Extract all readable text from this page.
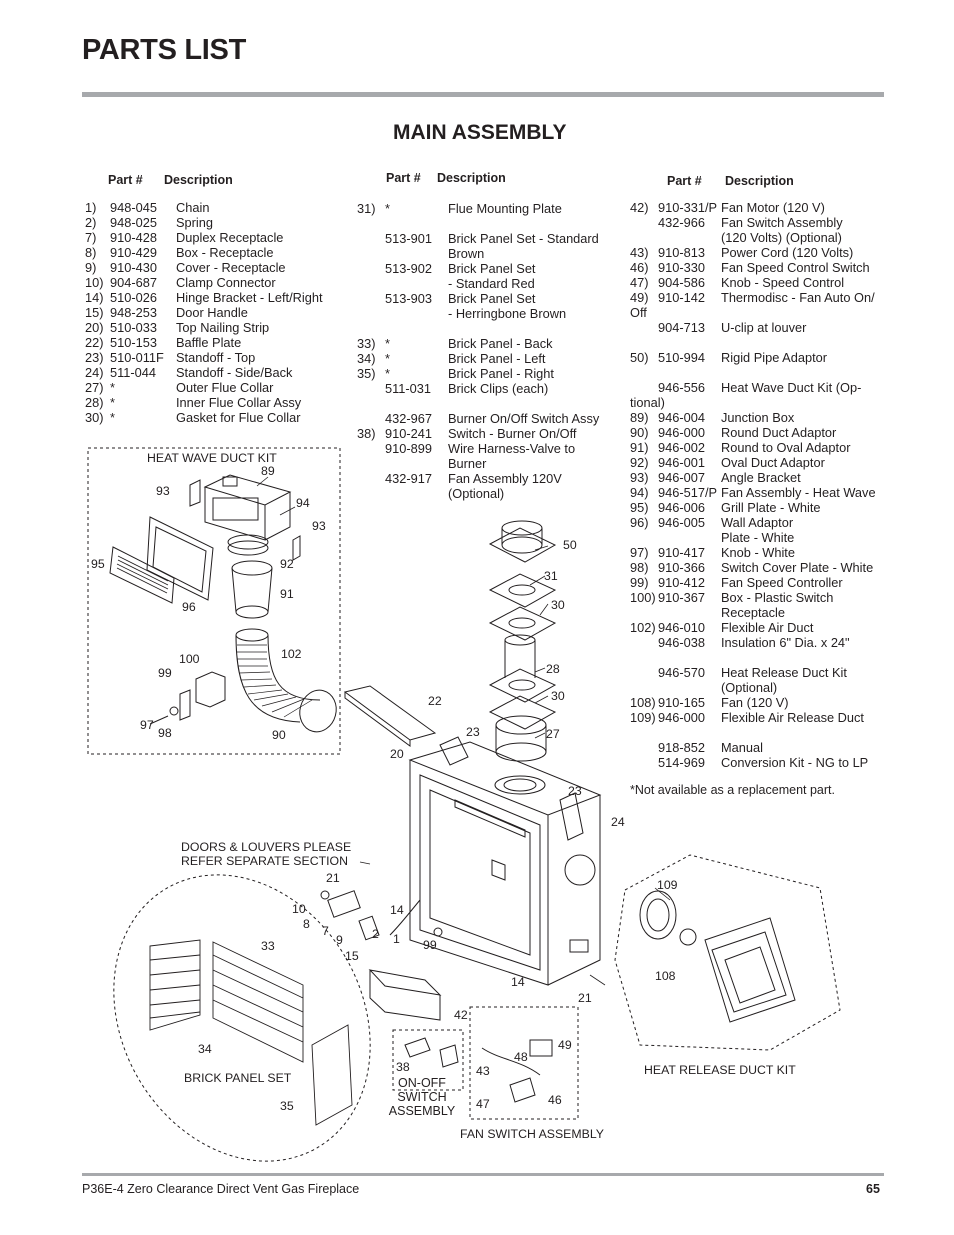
PARTS LIST
MAIN ASSEMBLY
Part # Description
1) 948-045 Chain
2) 948-025 Spring
7) 910-428 Duplex Receptacle
8) 910-429 Box - Receptacle
9) 910-430 Cover - Receptacle
10) 904-687 Clamp Connector
14) 510-026 Hinge Bracket - Left/Right
15) 948-253 Door Handle
20) 510-033 Top Nailing Strip
22) 510-153 Baffle Plate
23) 510-011F Standoff - Top
24) 511-044 Standoff - Side/Back
27) *	Outer Flue Collar
28) *	Inner Flue Collar Assy
30) *	Gasket for Flue Collar
Part # Description
31) *	Flue Mounting Plate
513-901 Brick Panel Set - Standard
Brown
513-902 Brick Panel Set
- Standard Red
513-903 Brick Panel Set
- Herringbone Brown
33) *	Brick Panel - Back
34) *	Brick Panel - Left
35) *	Brick Panel - Right
511-031 Brick Clips (each)
432-967 Burner On/Off Switch Assy
38) 910-241 Switch - Burner On/Off
910-899 Wire Harness-Valve to
Burner
432-917 Fan Assembly 120V
(Optional)
Part # Description
42) 910-331/P Fan Motor (120 V)
432-966 Fan Switch Assembly
(120 Volts) (Optional)
43) 910-813 Power Cord (120 Volts)
46) 910-330 Fan Speed Control Switch
47) 904-586 Knob - Speed Control
49) 910-142 Thermodisc - Fan Auto On/
Off
904-713 U-clip at louver
50) 510-994 Rigid Pipe Adaptor
946-556 Heat Wave Duct Kit (Op-
tional)
89) 946-004 Junction Box
90) 946-000 Round Duct Adaptor
91) 946-002 Round to Oval Adaptor
92) 946-001 Oval Duct Adaptor
93) 946-007 Angle Bracket
94) 946-517/P Fan Assembly - Heat Wave
95) 946-006 Grill Plate - White
96) 946-005 Wall Adaptor
Plate - White
97) 910-417 Knob - White
98) 910-366 Switch Cover Plate - White
99) 910-412 Fan Speed Controller
100) 910-367 Box - Plastic Switch
Receptacle
102) 946-010 Flexible Air Duct
946-038 Insulation 6" Dia. x 24"
946-570 Heat Release Duct Kit
(Optional)
108) 910-165 Fan (120 V)
109) 946-000 Flexible Air Release Duct
918-852 Manual
514-969 Conversion Kit - NG to LP
*Not available as a replacement part.
HEAT WAVE DUCT KIT
DOORS & LOUVERS PLEASE
REFER SEPARATE SECTION
BRICK PANEL SET	ON-OFF
SWITCH
ASSEMBLY
FAN SWITCH ASSEMBLY
HEAT RELEASE DUCT KIT
89
93
94
93
95	92
96
91
100	102
99
97
98	90
22
50
31
30
28
30
27
23
20
23
24
21
10
8 7
9 2 1
14
99
15
33
34
35
14
42
38
48
49
43
47	46
21
109
108
P36E-4 Zero Clearance Direct Vent Gas Fireplace	65
